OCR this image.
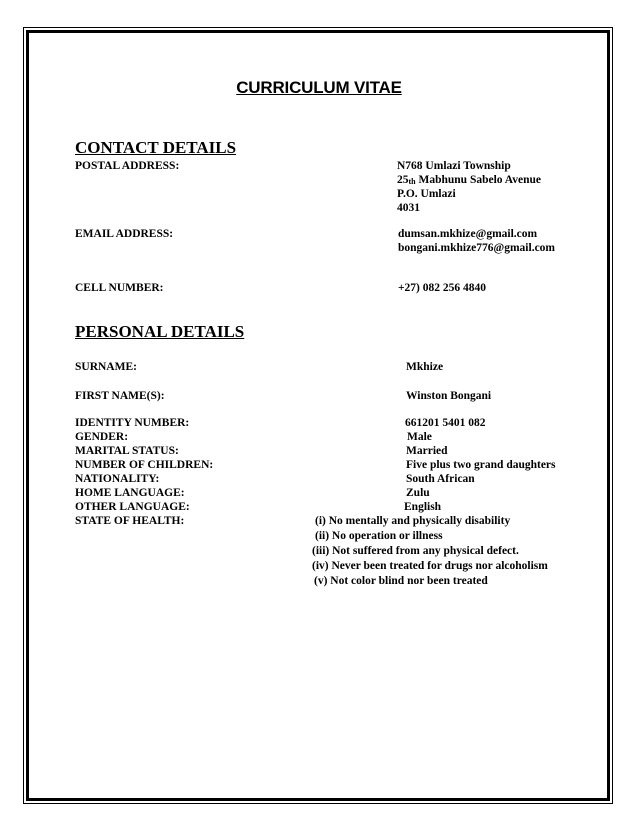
CURRICULUM VITAE
CONTACT DETAILS
POSTAL ADDRESS:	N768 Umlazi Township
25th Mabhunu Sabelo Avenue
P.O. Umlazi
4031
EMAIL ADDRESS:	dumsan.mkhize@gmail.com
bongani.mkhize776@gmail.com
CELL NUMBER:	+27) 082 256 4840
PERSONAL DETAILS
SURNAME:	Mkhize
FIRST NAME(S):	Winston Bongani
IDENTITY NUMBER:	661201 5401 082
GENDER:	Male
MARITAL STATUS:	Married
NUMBER OF CHILDREN:	Five plus two grand daughters
NATIONALITY:	South African
HOME LANGUAGE:	Zulu
OTHER LANGUAGE:	English
STATE OF HEALTH:	(i) No mentally and physically disability
(ii) No operation or illness
(iii) Not suffered from any physical defect.
(iv) Never been treated for drugs nor alcoholism
(v) Not color blind nor been treated
